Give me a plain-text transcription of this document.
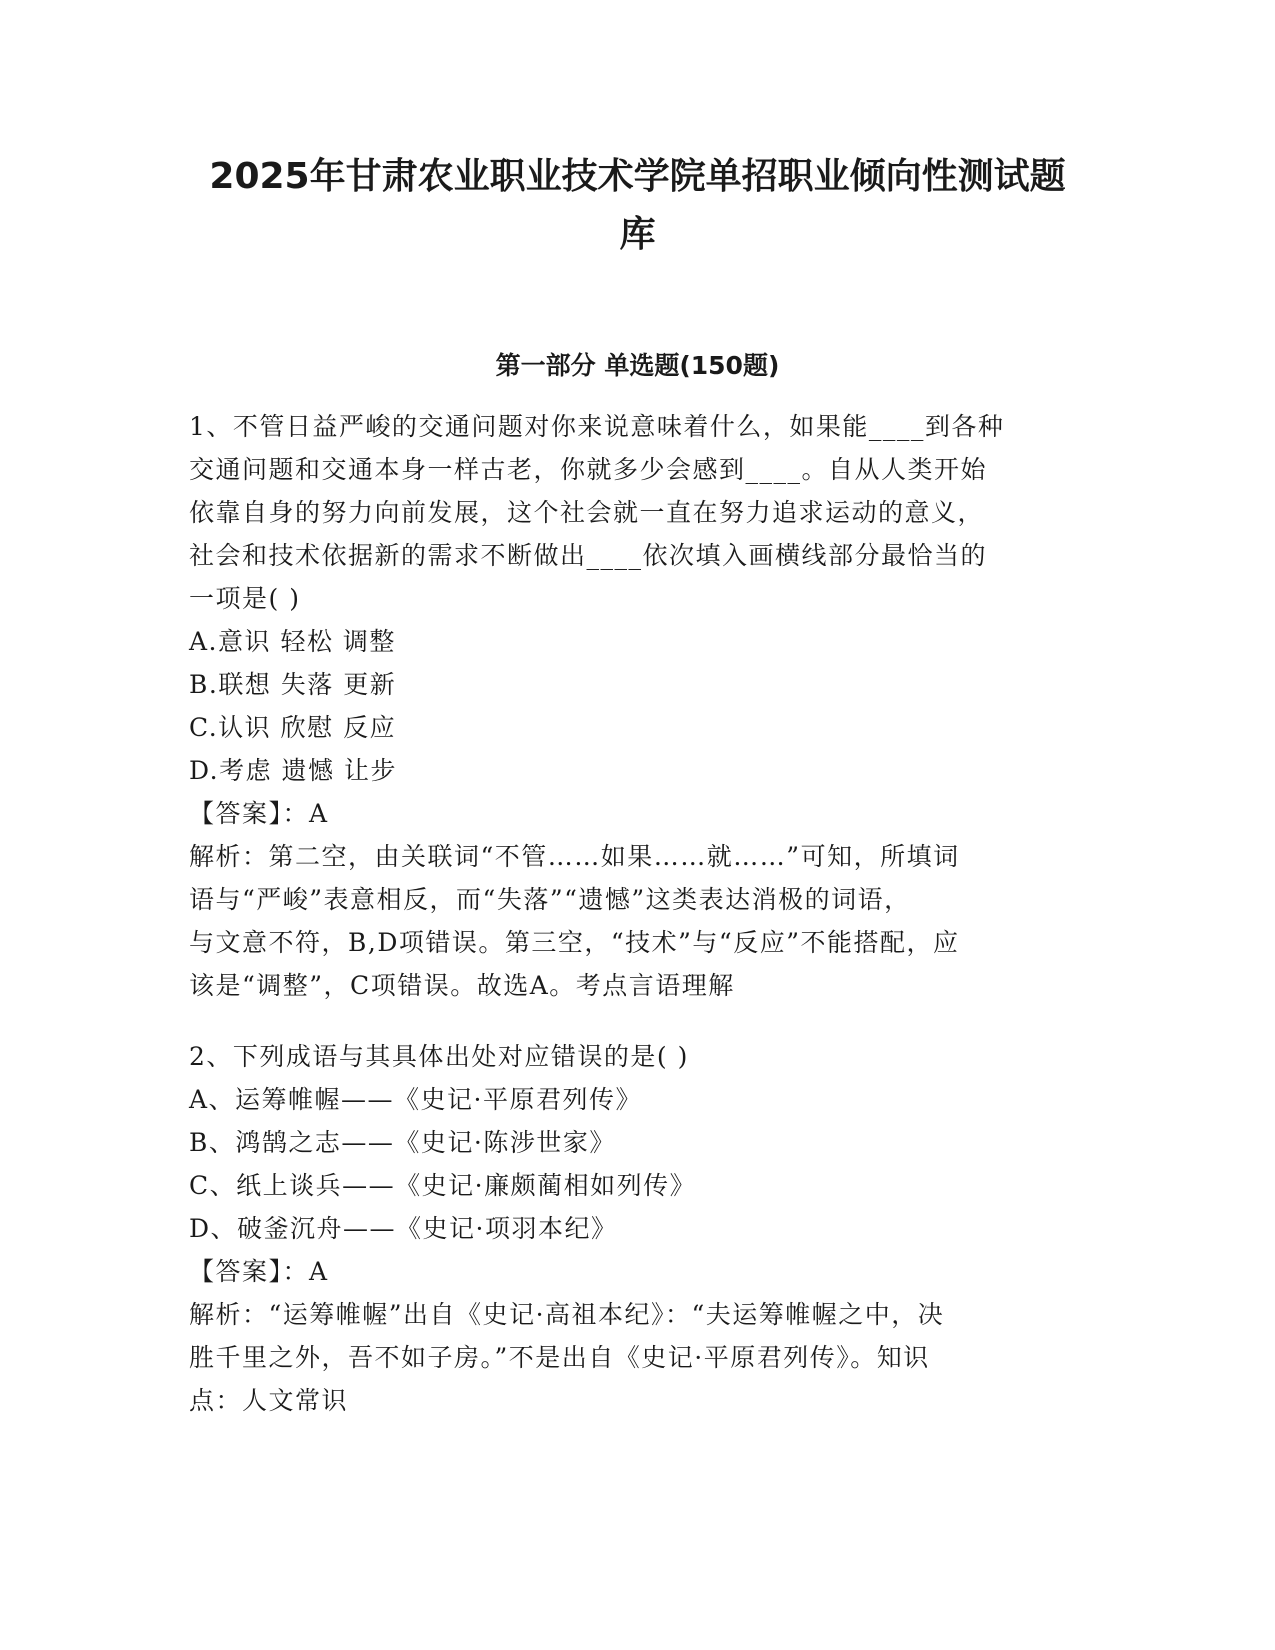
2025年甘肃农业职业技术学院单招职业倾向性测试题
库
第一部分 单选题(150题)

1、不管日益严峻的交通问题对你来说意味着什么，如果能____到各种

交通问题和交通本身一样古老，你就多少会感到____。自从人类开始

依靠自身的努力向前发展，这个社会就一直在努力追求运动的意义，

社会和技术依据新的需求不断做出____依次填入画横线部分最恰当的

一项是( )

A.意识 轻松 调整

B.联想 失落 更新

C.认识 欣慰 反应

D.考虑 遗憾 让步

【答案】：A

解析：第二空，由关联词“不管……如果……就……”可知，所填词

语与“严峻”表意相反，而“失落”“遗憾”这类表达消极的词语，

与文意不符，B,D项错误。第三空，“技术”与“反应”不能搭配，应

该是“调整”，C项错误。故选A。考点言语理解

2、下列成语与其具体出处对应错误的是( )

A、运筹帷幄——《史记·平原君列传》

B、鸿鹄之志——《史记·陈涉世家》

C、纸上谈兵——《史记·廉颇蔺相如列传》

D、破釜沉舟——《史记·项羽本纪》

【答案】：A

解析：“运筹帷幄”出自《史记·高祖本纪》：“夫运筹帷幄之中，决

胜千里之外，吾不如子房。”不是出自《史记·平原君列传》。知识

点：人文常识
